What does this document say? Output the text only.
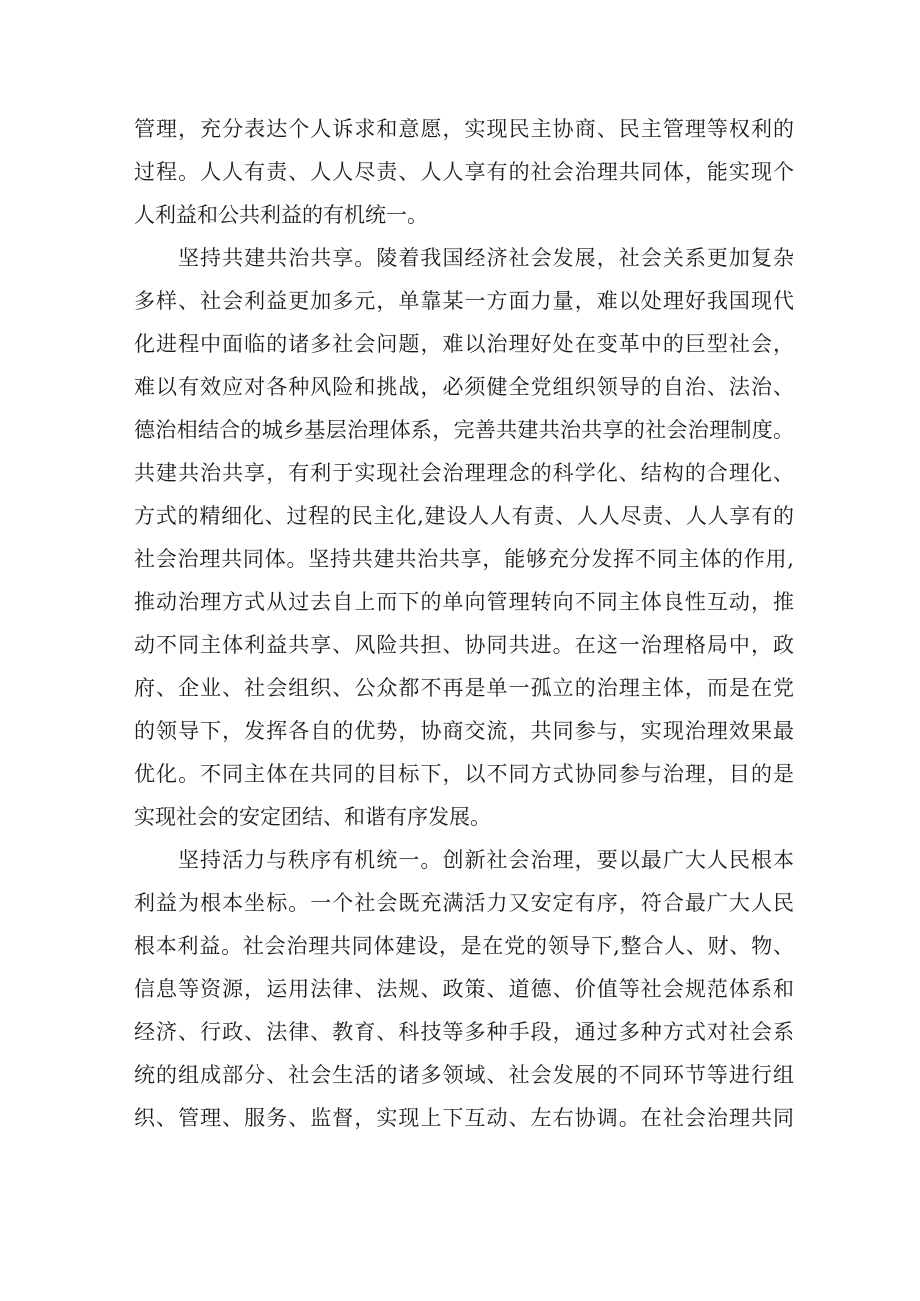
管理，充分表达个人诉求和意愿，实现民主协商、民主管理等权利的
过程。人人有责、人人尽责、人人享有的社会治理共同体，能实现个
人利益和公共利益的有机统一。
坚持共建共治共享。陵着我国经济社会发展，社会关系更加复杂
多样、社会利益更加多元，单靠某一方面力量，难以处理好我国现代
化进程中面临的诸多社会问题，难以治理好处在变革中的巨型社会，
难以有效应对各种风险和挑战，必须健全党组织领导的自治、法治、
德治相结合的城乡基层治理体系，完善共建共治共享的社会治理制度。
共建共治共享，有利于实现社会治理理念的科学化、结构的合理化、
方式的精细化、过程的民主化,建设人人有责、人人尽责、人人享有的
社会治理共同体。坚持共建共治共享，能够充分发挥不同主体的作用,
推动治理方式从过去自上而下的单向管理转向不同主体良性互动，推
动不同主体利益共享、风险共担、协同共进。在这一治理格局中，政
府、企业、社会组织、公众都不再是单一孤立的治理主体，而是在党
的领导下，发挥各自的优势，协商交流，共同参与，实现治理效果最
优化。不同主体在共同的目标下，以不同方式协同参与治理，目的是
实现社会的安定团结、和谐有序发展。
坚持活力与秩序有机统一。创新社会治理，要以最广大人民根本
利益为根本坐标。一个社会既充满活力又安定有序，符合最广大人民
根本利益。社会治理共同体建设，是在党的领导下,整合人、财、物、
信息等资源，运用法律、法规、政策、道德、价值等社会规范体系和
经济、行政、法律、教育、科技等多种手段，通过多种方式对社会系
统的组成部分、社会生活的诸多领域、社会发展的不同环节等进行组
织、管理、服务、监督，实现上下互动、左右协调。在社会治理共同
